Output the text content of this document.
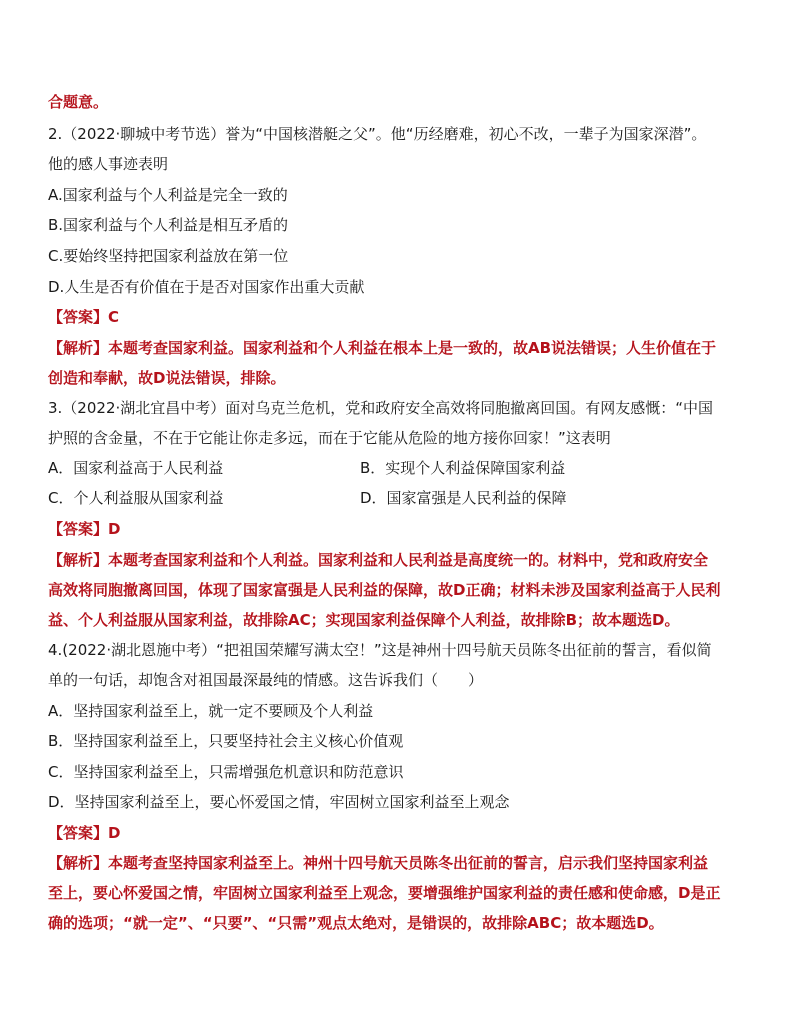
合题意。
2.（2022·聊城中考节选）誉为“中国核潜艇之父”。他“历经磨难，初心不改，一辈子为国家深潜”。
他的感人事迹表明
A.国家利益与个人利益是完全一致的
B.国家利益与个人利益是相互矛盾的
C.要始终坚持把国家利益放在第一位
D.人生是否有价值在于是否对国家作出重大贡献
【答案】C
【解析】本题考查国家利益。国家利益和个人利益在根本上是一致的，故AB说法错误；人生价值在于
创造和奉献，故D说法错误，排除。
3.（2022·湖北宜昌中考）面对乌克兰危机，党和政府安全高效将同胞撤离回国。有网友感慨：“中国
护照的含金量，不在于它能让你走多远，而在于它能从危险的地方接你回家！”这表明
A．国家利益高于人民利益	B．实现个人利益保障国家利益
C．个人利益服从国家利益	D．国家富强是人民利益的保障
【答案】D
【解析】本题考查国家利益和个人利益。国家利益和人民利益是高度统一的。材料中，党和政府安全
高效将同胞撤离回国，体现了国家富强是人民利益的保障，故D正确；材料未涉及国家利益高于人民利
益、个人利益服从国家利益，故排除AC；实现国家利益保障个人利益，故排除B；故本题选D。
4.(2022·湖北恩施中考）“把祖国荣耀写满太空！”这是神州十四号航天员陈冬出征前的誓言，看似简
单的一句话，却饱含对祖国最深最纯的情感。这告诉我们（　　）
A．坚持国家利益至上，就一定不要顾及个人利益
B．坚持国家利益至上，只要坚持社会主义核心价值观
C．坚持国家利益至上，只需增强危机意识和防范意识
D．坚持国家利益至上，要心怀爱国之情，牢固树立国家利益至上观念
【答案】D
【解析】本题考查坚持国家利益至上。神州十四号航天员陈冬出征前的誓言，启示我们坚持国家利益
至上，要心怀爱国之情，牢固树立国家利益至上观念，要增强维护国家利益的责任感和使命感，D是正
确的选项；“就一定”、“只要”、“只需”观点太绝对，是错误的，故排除ABC；故本题选D。
